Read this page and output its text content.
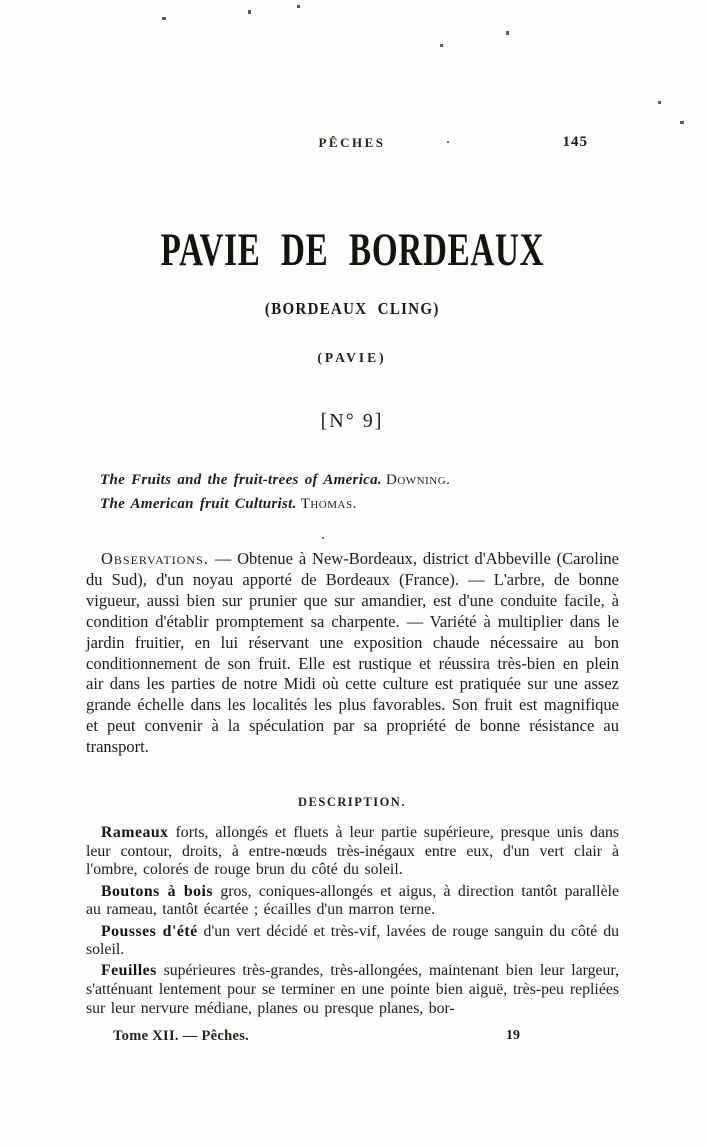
PÊCHES	145
PAVIE DE BORDEAUX
(BORDEAUX CLING)
(PAVIE)
[N° 9]
The Fruits and the fruit-trees of America. Downing.
The American fruit Culturist. Thomas.

Observations. — Obtenue à New-Bordeaux, district d'Abbeville (Caroline du Sud), d'un noyau apporté de Bordeaux (France). — L'arbre, de bonne vigueur, aussi bien sur prunier que sur amandier, est d'une conduite facile, à condition d'établir promptement sa charpente. — Variété à multiplier dans le jardin fruitier, en lui réservant une exposition chaude nécessaire au bon conditionnement de son fruit. Elle est rustique et réussira très-bien en plein air dans les parties de notre Midi où cette culture est pratiquée sur une assez grande échelle dans les localités les plus favorables. Son fruit est magnifique et peut convenir à la spéculation par sa propriété de bonne résistance au transport.

DESCRIPTION.

Rameaux forts, allongés et fluets à leur partie supérieure, presque unis dans leur contour, droits, à entre-nœuds très-inégaux entre eux, d'un vert clair à l'ombre, colorés de rouge brun du côté du soleil.

Boutons à bois gros, coniques-allongés et aigus, à direction tantôt parallèle au rameau, tantôt écartée ; écailles d'un marron terne.

Pousses d'été d'un vert décidé et très-vif, lavées de rouge sanguin du côté du soleil.

Feuilles supérieures très-grandes, très-allongées, maintenant bien leur largeur, s'atténuant lentement pour se terminer en une pointe bien aiguë, très-peu repliées sur leur nervure médiane, planes ou presque planes, bor-

Tome XII. — Pêches.	19
